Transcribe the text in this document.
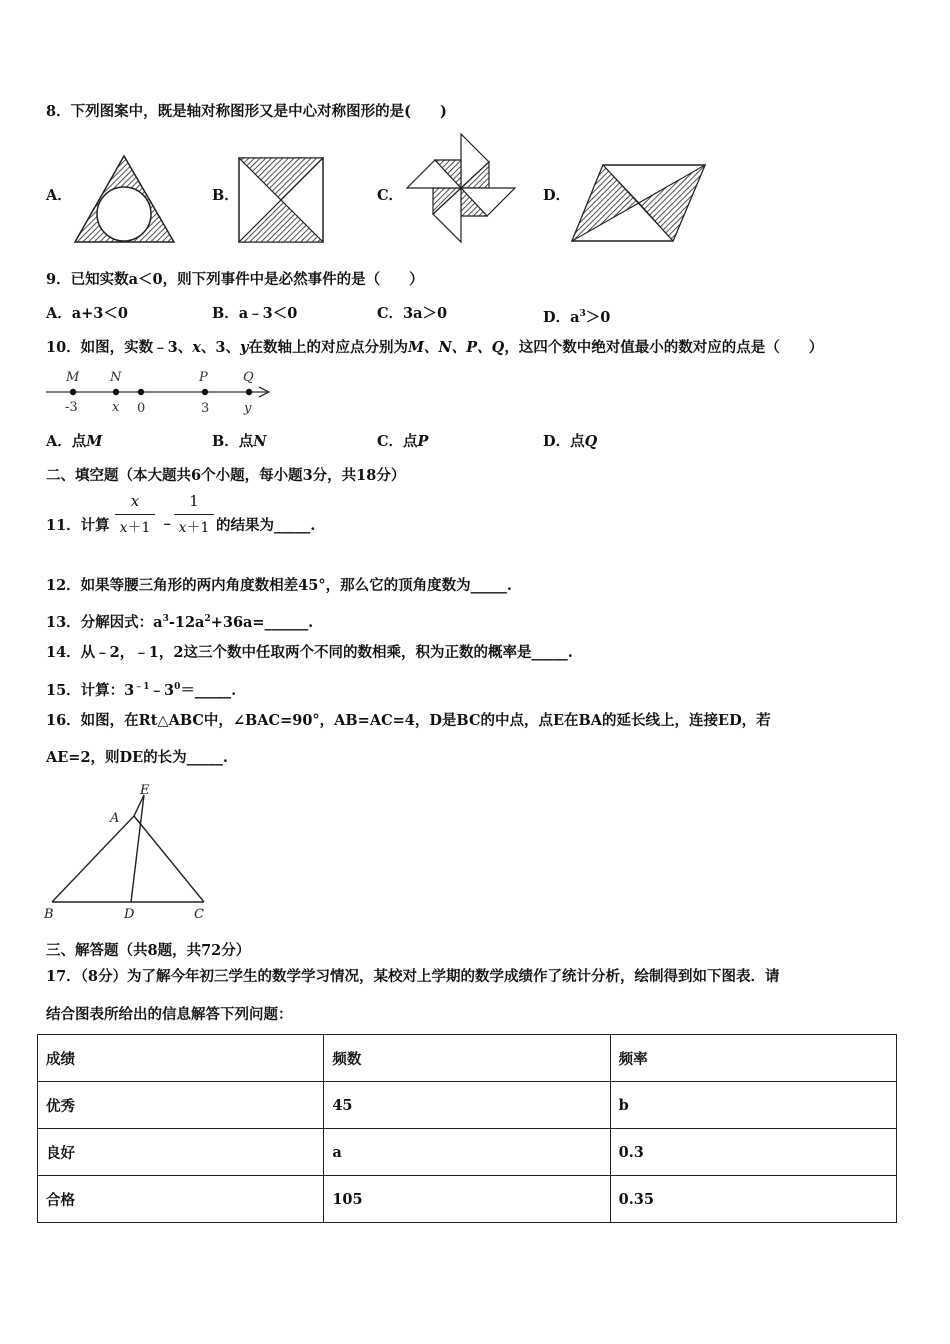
8．下列图案中，既是轴对称图形又是中心对称图形的是(　　)
A．	B．	C．	D．
9．已知实数a＜0，则下列事件中是必然事件的是（　　）
A．a+3＜0	B．a﹣3＜0	C．3a＞0	D．$a^3>0$
10．如图，实数﹣3、x、3、y在数轴上的对应点分别为M、N、P、Q，这四个数中绝对值最小的数对应的点是（　　）
M N	P	Q
-3	x 0	3	y
A．点M	B．点N	C．点P	D．点Q
二、填空题（本大题共6个小题，每小题3分，共18分）
11．计算
x
x＋1 ﹣
1
x＋1 的结果为_____.
12．如果等腰三角形的两内角度数相差45°，那么它的顶角度数为_____.
13．分解因式：$a^3-12a^2+36a=\_\_\_\_\_\_$.
14．从﹣2，﹣1，2这三个数中任取两个不同的数相乘，积为正数的概率是_____.
15．计算：$3^{﹣1}﹣3^0=\_\_\_\_\_$.
16．如图，在Rt△ABC中，∠BAC=90°，AB=AC=4，D是BC的中点，点E在BA的延长线上，连接ED，若
AE=2，则DE的长为_____.
E
A
B	D	C
三、解答题（共8题，共72分）
17．（8分）为了解今年初三学生的数学学习情况，某校对上学期的数学成绩作了统计分析，绘制得到如下图表．请
结合图表所给出的信息解答下列问题：
成绩	频数	频率
优秀	45	b
良好	a	0.3
合格	105	0.35
